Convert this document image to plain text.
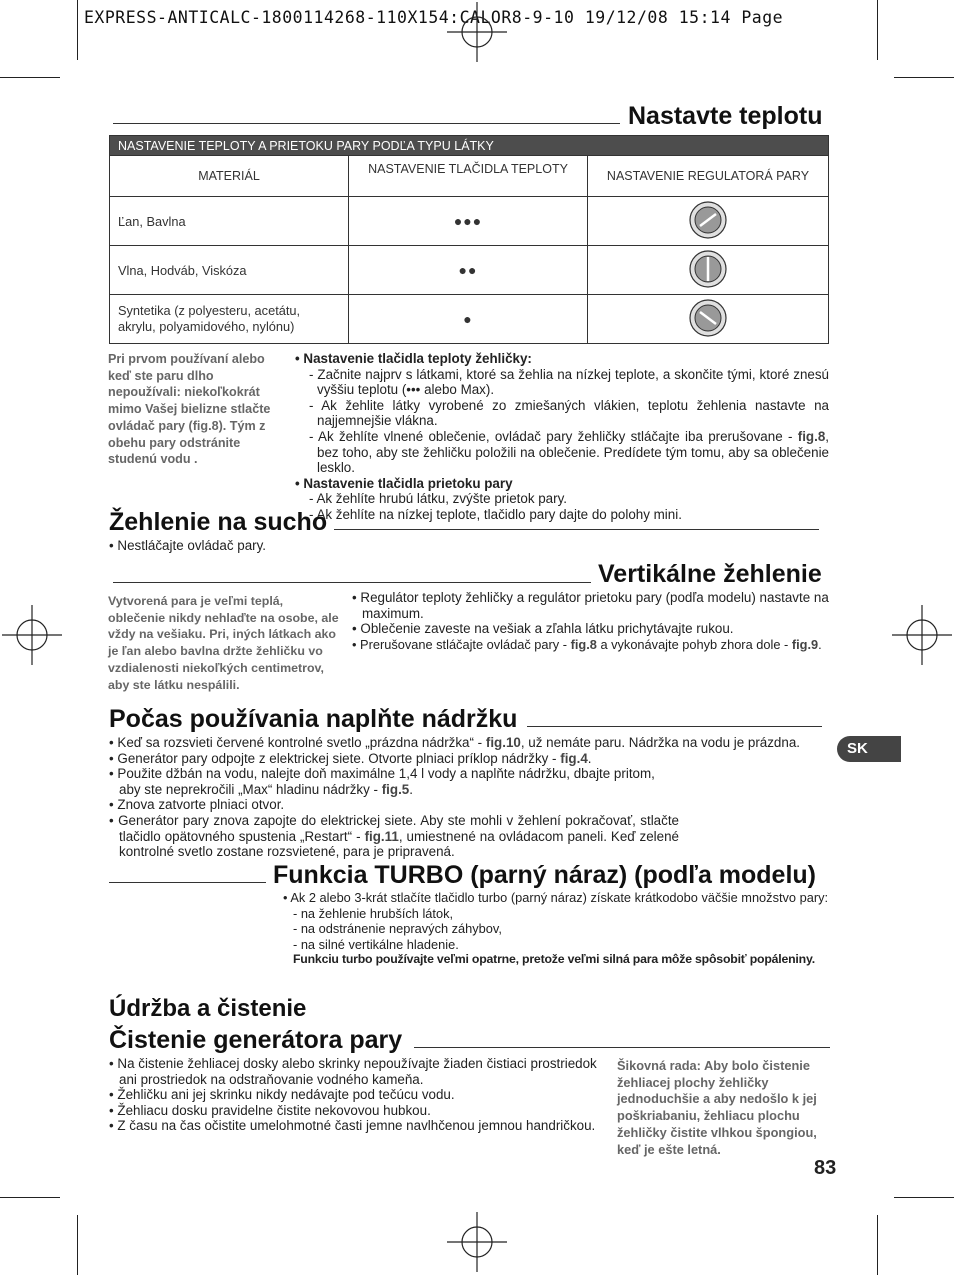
EXPRESS-ANTICALC-1800114268-110X154:CALOR8-9-10 19/12/08 15:14 Page
Nastavte teplotu
NASTAVENIE TEPLOTY A PRIETOKU PARY PODĽA TYPU LÁTKY		
MATERIÁL	NASTAVENIE TLAČIDLA TEPLOTY	NASTAVENIE REGULATORÁ PARY
Ľan, Bavlna	●●●	
Vlna, Hodváb, Viskóza	●●	
Syntetika (z polyesteru, acetátu, akrylu, polyamidového, nylónu)	●	
Pri prvom používaní alebo keď ste paru dlho nepoužívali: niekoľkokrát mimo Vašej bielizne stlačte ovládač pary (fig.8). Tým z obehu pary odstránite studenú vodu .
• Nastavenie tlačidla teploty žehličky:
- Začnite najprv s látkami, ktoré sa žehlia na nízkej teplote, a skončite tými, ktoré znesú vyššiu teplotu (••• alebo Max).
- Ak žehlite látky vyrobené zo zmiešaných vlákien, teplotu žehlenia nastavte na najjemnejšie vlákna.
- Ak žehlíte vlnené oblečenie, ovládač pary žehličky stláčajte iba prerušovane - fig.8, bez toho, aby ste žehličku položili na oblečenie. Predídete tým tomu, aby sa oblečenie lesklo.
• Nastavenie tlačidla prietoku pary
- Ak žehlíte hrubú látku, zvýšte prietok pary.
- Ak žehlíte na nízkej teplote, tlačidlo pary dajte do polohy mini.
Žehlenie na sucho
• Nestláčajte ovládač pary.
Vertikálne žehlenie
Vytvorená para je veľmi teplá, oblečenie nikdy nehlaďte na osobe, ale vždy na vešiaku. Pri, iných látkach ako je ľan alebo bavlna držte žehličku vo vzdialenosti niekoľkých centimetrov, aby ste látku nespálili.
• Regulátor teploty žehličky a regulátor prietoku pary (podľa modelu) nastavte na maximum.
• Oblečenie zaveste na vešiak a zľahla látku prichytávajte rukou.
• Prerušovane stláčajte ovládač pary - fig.8 a vykonávajte pohyb zhora dole - fig.9.
Počas používania naplňte nádržku
• Keď sa rozsvieti červené kontrolné svetlo „prázdna nádržka“ - fig.10, už nemáte paru. Nádržka na vodu je prázdna.
• Generátor pary odpojte z elektrickej siete. Otvorte plniaci príklop nádržky - fig.4.
• Použite džbán na vodu, nalejte doň maximálne 1,4 l vody a naplňte nádržku, dbajte pritom, aby ste neprekročili „Max“ hladinu nádržky - fig.5.
• Znova zatvorte plniaci otvor.
• Generátor pary znova zapojte do elektrickej siete. Aby ste mohli v žehlení pokračovať, stlačte tlačidlo opätovného spustenia „Restart“ - fig.11, umiestnené na ovládacom paneli. Keď zelené kontrolné svetlo zostane rozsvietené, para je pripravená.
SK
Funkcia TURBO (parný náraz) (podľa modelu)
• Ak 2 alebo 3-krát stlačíte tlačidlo turbo (parný náraz) získate krátkodobo väčšie množstvo pary:
- na žehlenie hrubších látok,
- na odstránenie nepravých záhybov,
- na silné vertikálne hladenie.
Funkciu turbo používajte veľmi opatrne, pretože veľmi silná para môže spôsobiť popáleniny.
Údržba a čistenie
Čistenie generátora pary
• Na čistenie žehliacej dosky alebo skrinky nepoužívajte žiaden čistiaci prostriedok ani prostriedok na odstraňovanie vodného kameňa.
• Žehličku ani jej skrinku nikdy nedávajte pod tečúcu vodu.
• Žehliacu dosku pravidelne čistite nekovovou hubkou.
• Z času na čas očistite umelohmotné časti jemne navlhčenou jemnou handričkou.
Šikovná rada: Aby bolo čistenie žehliacej plochy žehličky jednoduchšie a aby nedošlo k jej poškriabaniu, žehliacu plochu žehličky čistite vlhkou špongiou, keď je ešte letná.
83
